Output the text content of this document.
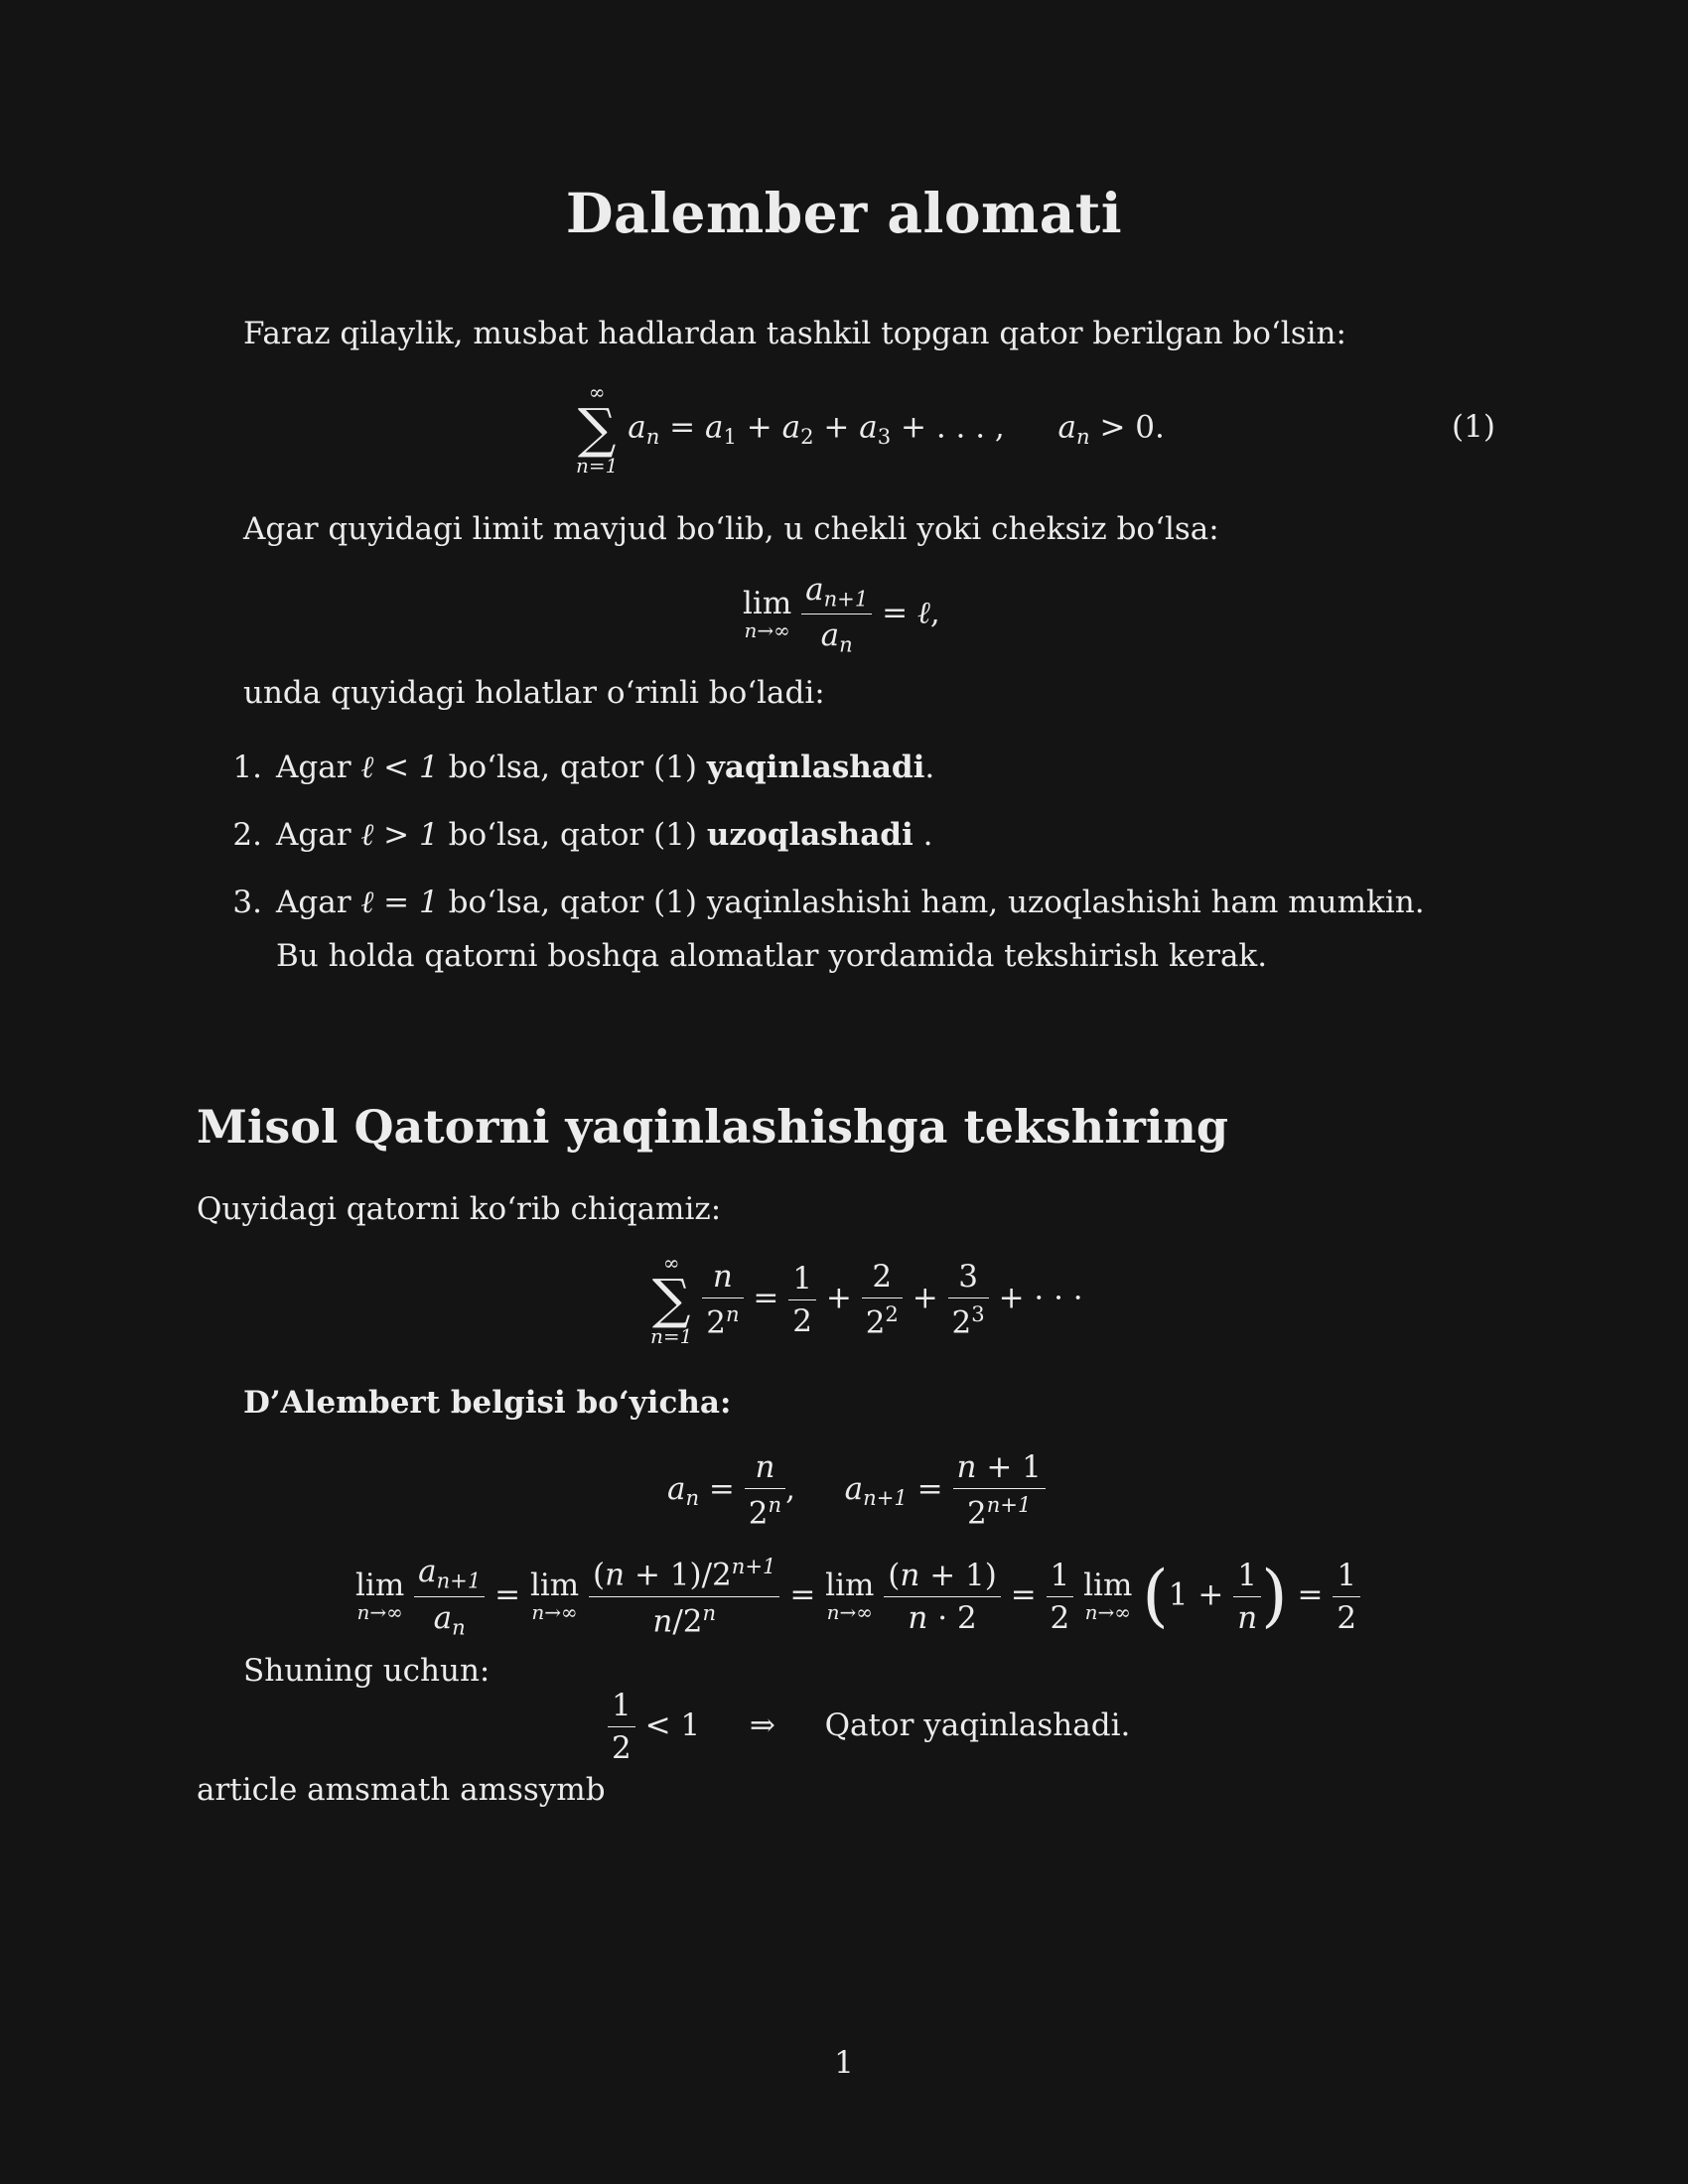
Dalember alomati
Faraz qilaylik, musbat hadlardan tashkil topgan qator berilgan bo‘lsin:
∞
∑
n=1
$a_n = a_1 + a_2 + a_3$ + . . . ,  $a_n > 0$.	(1)
Agar quyidagi limit mavjud bo‘lib, u chekli yoki cheksiz bo‘lsa:
lim
n→∞
$\frac{a_{n+1}}{a_n}$ = ℓ,
unda quyidagi holatlar o‘rinli bo‘ladi:
1. Agar ℓ < 1 bo‘lsa, qator (1) yaqinlashadi.
2. Agar ℓ > 1 bo‘lsa, qator (1) uzoqlashadi .
3. Agar ℓ = 1 bo‘lsa, qator (1) yaqinlashishi ham, uzoqlashishi ham mumkin.
Bu holda qatorni boshqa alomatlar yordamida tekshirish kerak.
Misol Qatorni yaqinlashishga tekshiring
Quyidagi qatorni ko‘rib chiqamiz:
∞
∑
n=1
$\frac{n}{2^n} = \frac{1}{2} + \frac{2}{2^2} + \frac{3}{2^3}$ + · · ·
D’Alembert belgisi bo‘yicha:
$a_n = \frac{n}{2^n}$ ,  $a_{n+1} = \frac{n + 1}{2^{n+1}}$
lim
n→∞
$\frac{a_{n+1}}{a_n} = \lim$
n→∞
$\frac{(n + 1)/2^{n+1}}{n/2^n} = \lim$
n→∞
$\frac{(n + 1)}{n \cdot 2} = \frac{1}{2}$
lim
n→∞ ($1 + \frac{1}{n}$ ) = $\frac{1}{2}$
Shuning uchun:
$\frac{1}{2} < 1$ ⇒ Qator yaqinlashadi.
article amsmath amssymb
1
